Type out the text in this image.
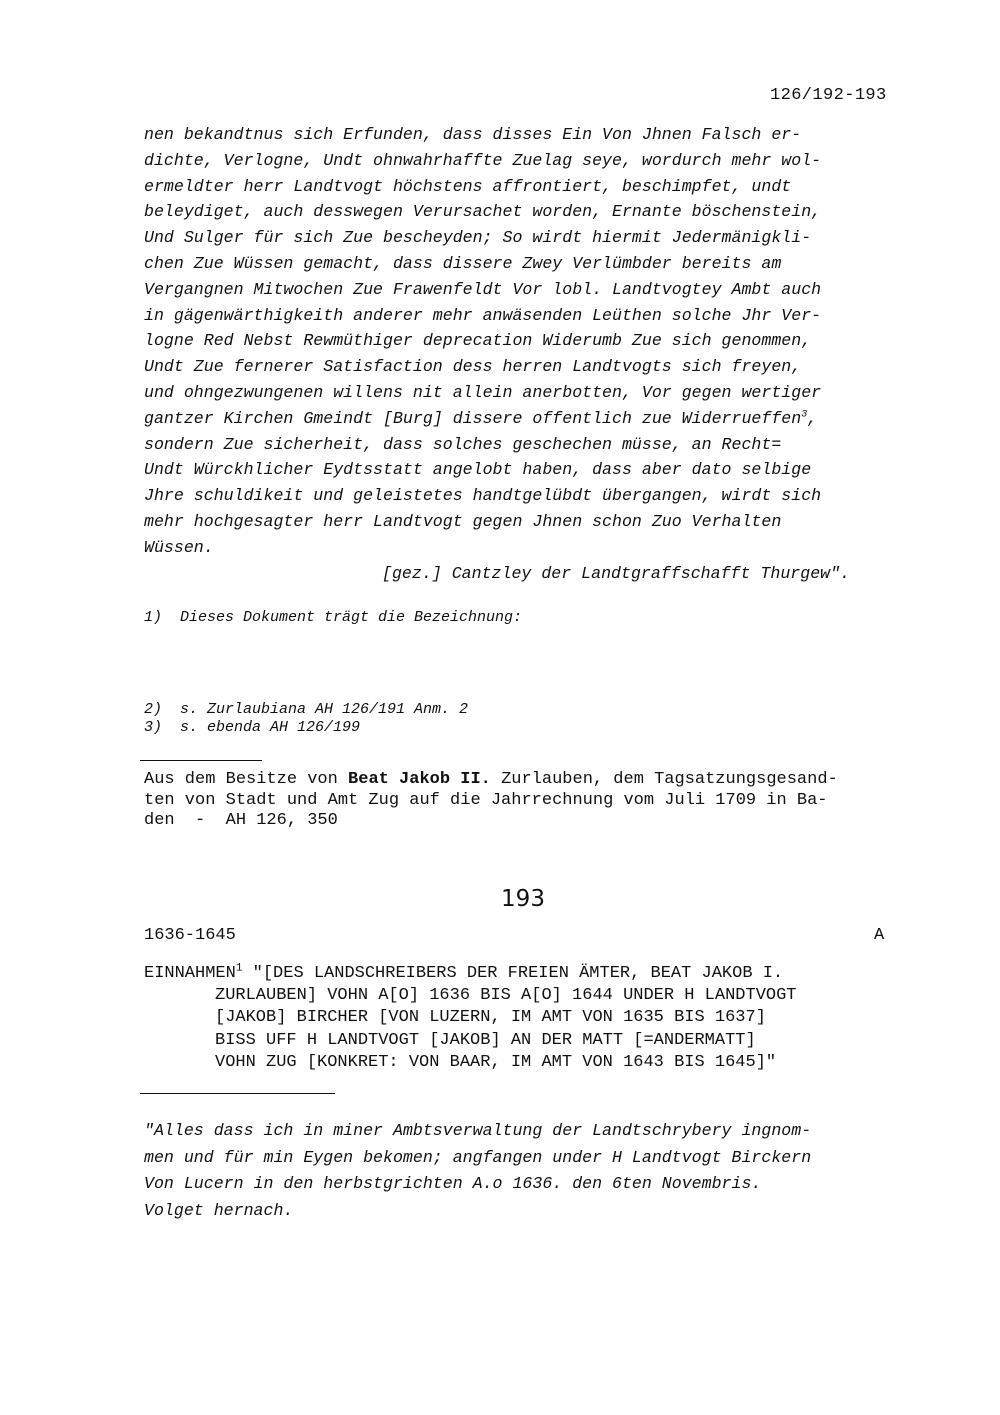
126/192-193
nen bekandtnus sich Erfunden, dass disses Ein Von Jhnen Falsch er-
dichte, Verlogne, Undt ohnwahrhaffte Zuelag seye, wordurch mehr wol-
ermeldter herr Landtvogt höchstens affrontiert, beschimpfet, undt
beleydiget, auch desswegen Verursachet worden, Ernante böschenstein,
Und Sulger für sich Zue bescheyden; So wirdt hiermit Jedermänigkli-
chen Zue Wüssen gemacht, dass dissere Zwey Verlümbder bereits am
Vergangnen Mitwochen Zue Frawenfeldt Vor lobl. Landtvogtey Ambt auch
in gägenwärthigkeith anderer mehr anwäsenden Leüthen solche Jhr Ver-
logne Red Nebst Rewmüthiger deprecation Widerumb Zue sich genommen,
Undt Zue fernerer Satisfaction dess herren Landtvogts sich freyen,
und ohngezwungenen willens nit allein anerbotten, Vor gegen wertiger
gantzer Kirchen Gmeindt [Burg] dissere offentlich zue Widerrueffen$^3$,
sondern Zue sicherheit, dass solches geschechen müsse, an Recht=
Undt Würckhlicher Eydtsstatt angelobt haben, dass aber dato selbige
Jhre schuldikeit und geleistetes handtgelübdt übergangen, wirdt sich
mehr hochgesagter herr Landtvogt gegen Jhnen schon Zuo Verhalten
Wüssen.
[gez.] Cantzley der Landtgraffschafft Thurgew".
1)  Dieses Dokument trägt die Bezeichnung:
2)  s. Zurlaubiana AH 126/191 Anm. 2
3)  s. ebenda AH 126/199
Aus dem Besitze von Beat Jakob II. Zurlauben, dem Tagsatzungsgesand-
ten von Stadt und Amt Zug auf die Jahrrechnung vom Juli 1709 in Ba-
den  -  AH 126, 350
193
1636-1645	A
EINNAHMEN$^1$ "[DES LANDSCHREIBERS DER FREIEN ÄMTER, BEAT JAKOB I.
ZURLAUBEN] VOHN A[O] 1636 BIS A[O] 1644 UNDER H LANDTVOGT
[JAKOB] BIRCHER [VON LUZERN, IM AMT VON 1635 BIS 1637]
BISS UFF H LANDTVOGT [JAKOB] AN DER MATT [=ANDERMATT]
VOHN ZUG [KONKRET: VON BAAR, IM AMT VON 1643 BIS 1645]"
"Alles dass ich in miner Ambtsverwaltung der Landtschrybery ingnom-
men und für min Eygen bekomen; angfangen under H Landtvogt Birckern
Von Lucern in den herbstgrichten A.o 1636. den 6ten Novembris.
Volget hernach.
